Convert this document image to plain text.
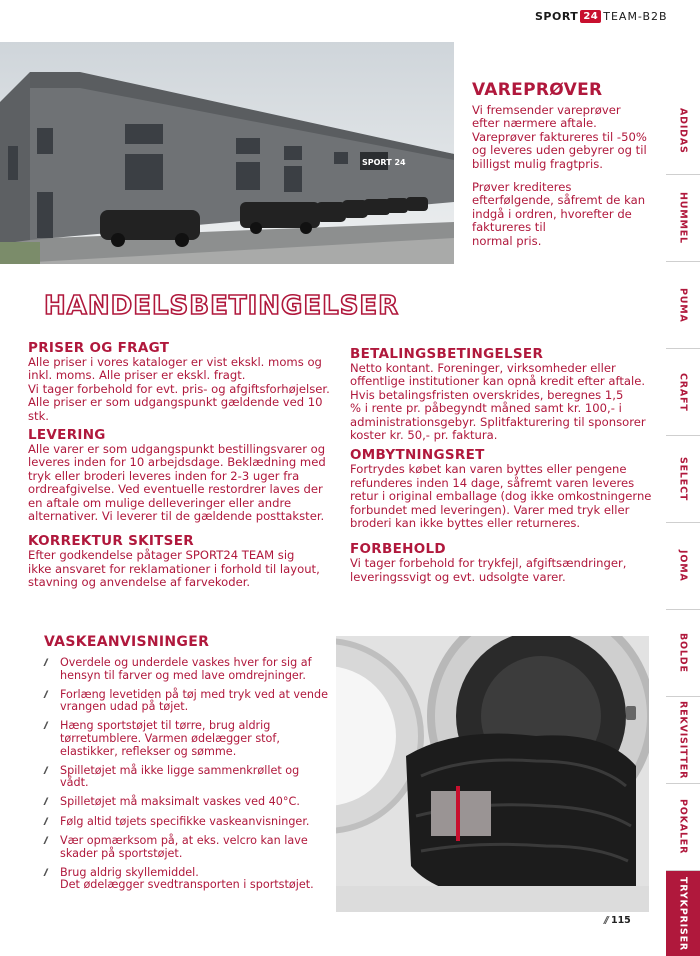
SPORT 24 TEAM-B2B
SPORT 24
VAREPRØVER
Vi fremsender vareprøver
efter nærmere aftale.
Vareprøver faktureres til -50%
og leveres uden gebyrer og til
billigst mulig fragtpris.
Prøver krediteres
efterfølgende, såfremt de kan
indgå i ordren, hvorefter de
faktureres til
normal pris.
HANDELSBETINGELSER
PRISER OG FRAGT
Alle priser i vores kataloger er vist ekskl. moms og
inkl. moms. Alle priser er ekskl. fragt.
Vi tager forbehold for evt. pris- og afgiftsforhøjelser.
Alle priser er som udgangspunkt gældende ved 10
stk.
LEVERING
Alle varer er som udgangspunkt bestillingsvarer og
leveres inden for 10 arbejdsdage. Beklædning med
tryk eller broderi leveres inden for 2-3 uger fra
ordreafgivelse. Ved eventuelle restordrer laves der
en aftale om mulige delleveringer eller andre
alternativer. Vi leverer til de gældende posttakster.
KORREKTUR SKITSER
Efter godkendelse påtager SPORT24 TEAM sig
ikke ansvaret for reklamationer i forhold til layout,
stavning og anvendelse af farvekoder.
BETALINGSBETINGELSER
Netto kontant. Foreninger, virksomheder eller
offentlige institutioner kan opnå kredit efter aftale.
Hvis betalingsfristen overskrides, beregnes 1,5
% i rente pr. påbegyndt måned samt kr. 100,- i
administrationsgebyr. Splitfakturering til sponsorer
koster kr. 50,- pr. faktura.
OMBYTNINGSRET
Fortrydes købet kan varen byttes eller pengene
refunderes inden 14 dage, såfremt varen leveres
retur i original emballage (dog ikke omkostningerne
forbundet med leveringen). Varer med tryk eller
broderi kan ikke byttes eller returneres.
FORBEHOLD
Vi tager forbehold for trykfejl, afgiftsændringer,
leveringssvigt og evt. udsolgte varer.
VASKEANVISNINGER
//	Overdele og underdele vaskes hver for sig af
hensyn til farver og med lave omdrejninger.
//	Forlæng levetiden på tøj med tryk ved at vende
vrangen udad på tøjet.
//	Hæng sportstøjet til tørre, brug aldrig
tørretumblere. Varmen ødelægger stof,
elastikker, reflekser og sømme.
//	Spilletøjet må ikke ligge sammenkrøllet og vådt.
//	Spilletøjet må maksimalt vaskes ved 40°C.
//	Følg altid tøjets specifikke vaskeanvisninger.
//	Vær opmærksom på, at eks. velcro kan lave
skader på sportstøjet.
//	Brug aldrig skyllemiddel.
Det ødelægger svedtransporten i sportstøjet.
// 115
ADIDAS
HUMMEL
PUMA
CRAFT
SELECT
JOMA
BOLDE
REKVISITTER
POKALER
TRYKPRISER
